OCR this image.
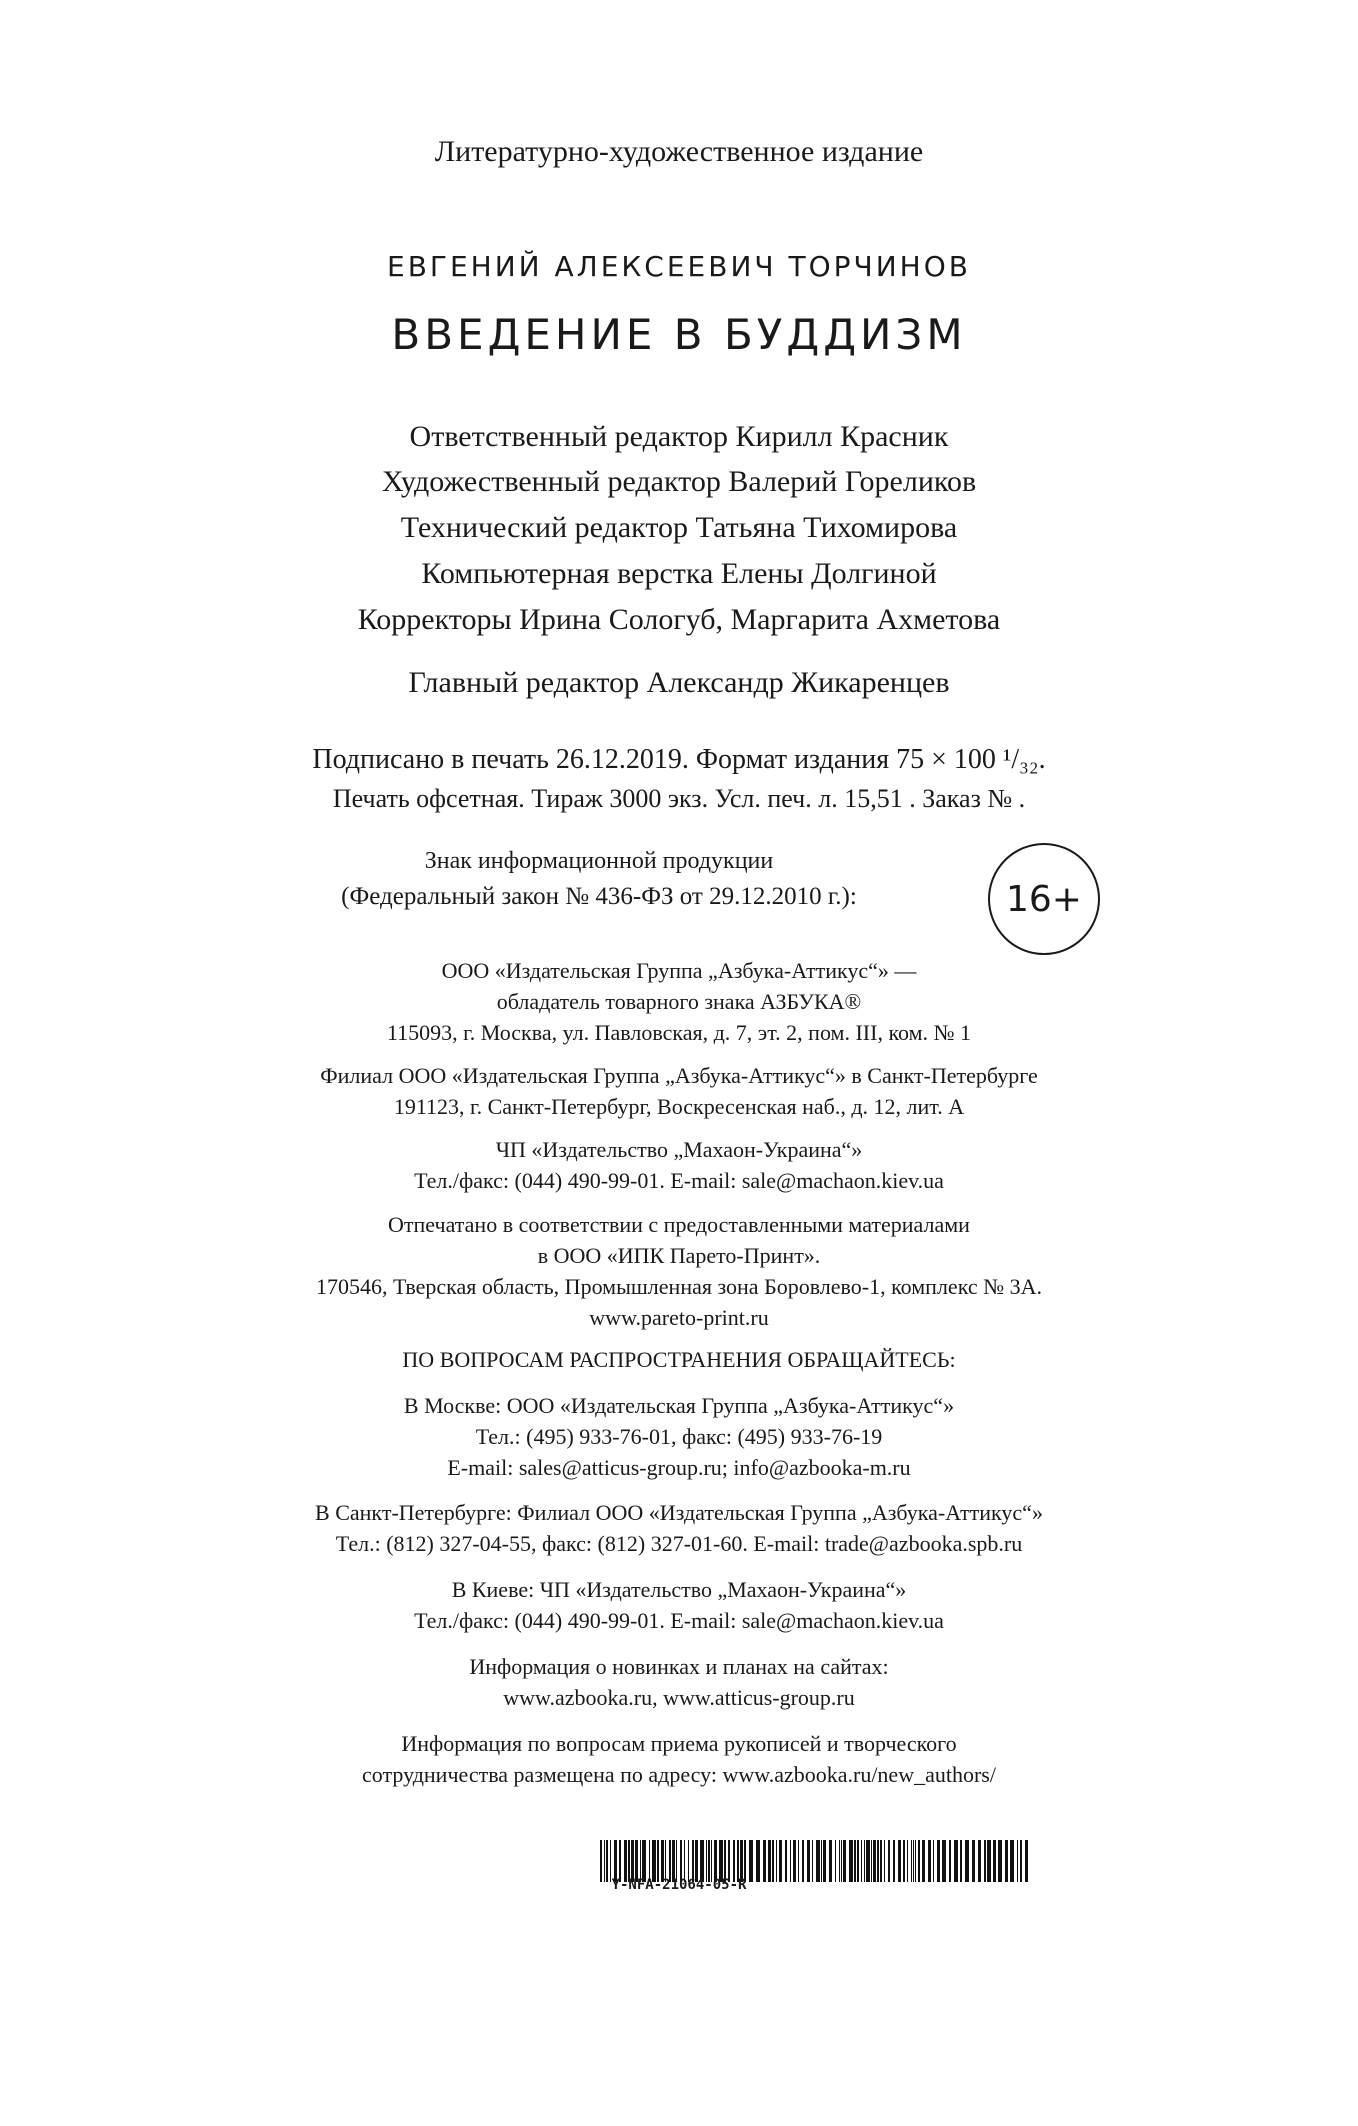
Литературно-художественное издание
ЕВГЕНИЙ АЛЕКСЕЕВИЧ ТОРЧИНОВ
ВВЕДЕНИЕ В БУДДИЗМ
Ответственный редактор Кирилл Красник
Художественный редактор Валерий Гореликов
Технический редактор Татьяна Тихомирова
Компьютерная верстка Елены Долгиной
Корректоры Ирина Сологуб, Маргарита Ахметова
Главный редактор Александр Жикаренцев
Подписано в печать 26.12.2019. Формат издания 75 × 100 ¹/₃₂.
Печать офсетная. Тираж 3000 экз. Усл. печ. л. 15,51 . Заказ № .
Знак информационной продукции
(Федеральный закон № 436-ФЗ от 29.12.2010 г.):	16+
ООО «Издательская Группа „Азбука-Аттикус“» —
обладатель товарного знака АЗБУКА®
115093, г. Москва, ул. Павловская, д. 7, эт. 2, пом. III, ком. № 1
Филиал ООО «Издательская Группа „Азбука-Аттикус“» в Санкт-Петербурге
191123, г. Санкт-Петербург, Воскресенская наб., д. 12, лит. А
ЧП «Издательство „Махаон-Украина“»
Тел./факс: (044) 490-99-01. E-mail: sale@machaon.kiev.ua
Отпечатано в соответствии с предоставленными материалами
в ООО «ИПК Парето-Принт».
170546, Тверская область, Промышленная зона Боровлево-1, комплекс № 3А.
www.pareto-print.ru
ПО ВОПРОСАМ РАСПРОСТРАНЕНИЯ ОБРАЩАЙТЕСЬ:
В Москве: ООО «Издательская Группа „Азбука-Аттикус“»
Тел.: (495) 933-76-01, факс: (495) 933-76-19
E-mail: sales@atticus-group.ru; info@azbooka-m.ru
В Санкт-Петербурге: Филиал ООО «Издательская Группа „Азбука-Аттикус“»
Тел.: (812) 327-04-55, факс: (812) 327-01-60. E-mail: trade@azbooka.spb.ru
В Киеве: ЧП «Издательство „Махаон-Украина“»
Тел./факс: (044) 490-99-01. E-mail: sale@machaon.kiev.ua
Информация о новинках и планах на сайтах:
www.azbooka.ru, www.atticus-group.ru
Информация по вопросам приема рукописей и творческого
сотрудничества размещена по адресу: www.azbooka.ru/new_authors/
Y-NFA-21064-05-R
